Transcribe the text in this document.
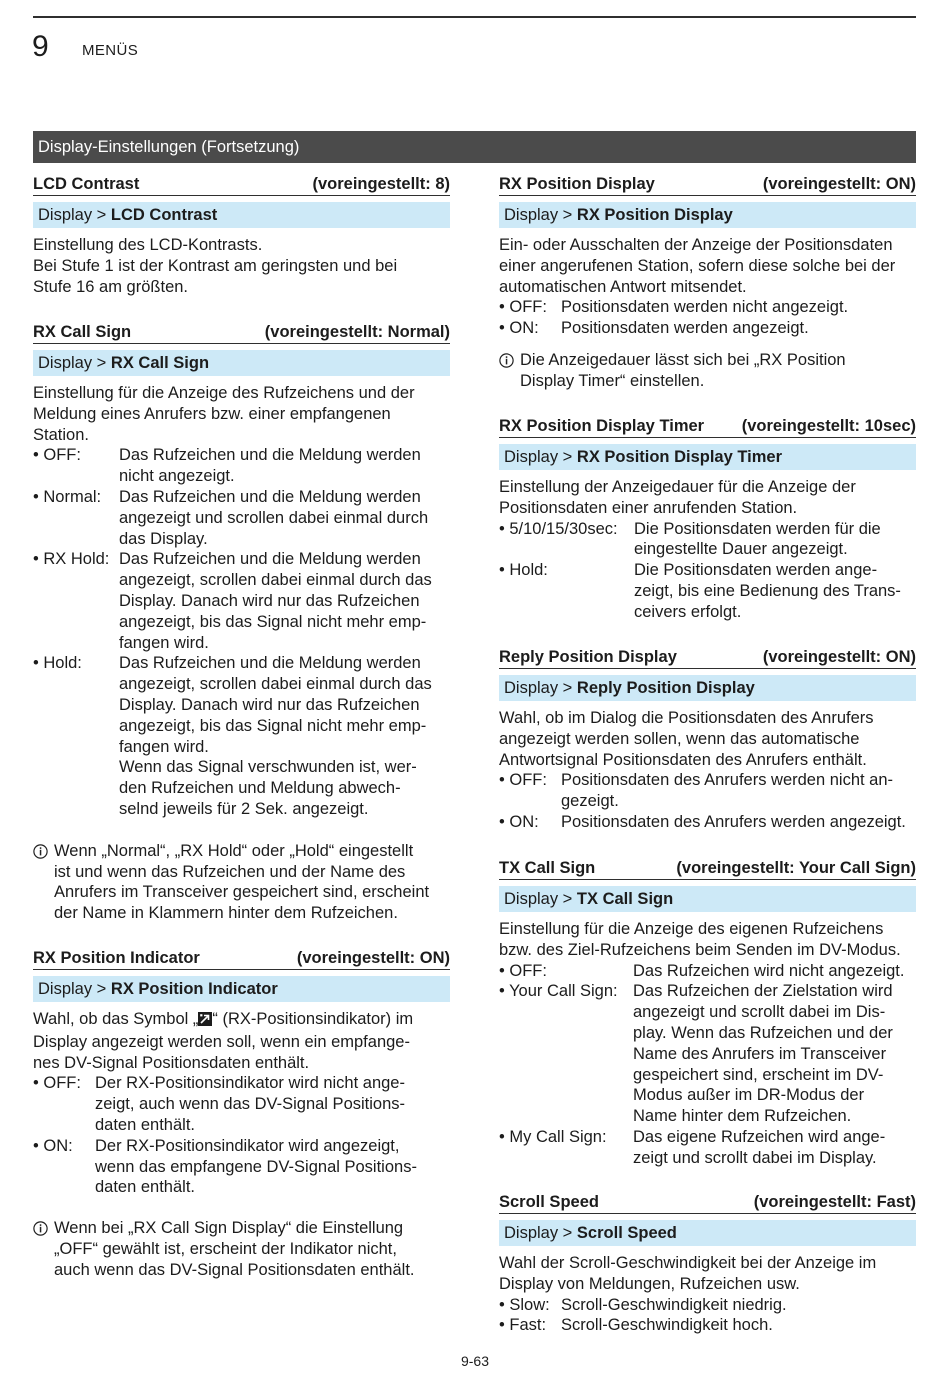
9 MENÜS
Display-Einstellungen (Fortsetzung)
LCD Contrast	(voreingestellt: 8)
Display > LCD Contrast
Einstellung des LCD-Kontrasts.
Bei Stufe 1 ist der Kontrast am geringsten und bei
Stufe 16 am größten.
RX Call Sign	(voreingestellt: Normal)
Display > RX Call Sign
Einstellung für die Anzeige des Rufzeichens und der
Meldung eines Anrufers bzw. einer empfangenen
Station.
• OFF:	Das Rufzeichen und die Meldung werden
nicht angezeigt.
• Normal:	Das Rufzeichen und die Meldung werden
angezeigt und scrollen dabei einmal durch
das Display.
• RX Hold: Das Rufzeichen und die Meldung werden
angezeigt, scrollen dabei einmal durch das
Display. Danach wird nur das Rufzeichen
angezeigt, bis das Signal nicht mehr emp-
fangen wird.
• Hold:	Das Rufzeichen und die Meldung werden
angezeigt, scrollen dabei einmal durch das
Display. Danach wird nur das Rufzeichen
angezeigt, bis das Signal nicht mehr emp-
fangen wird.
Wenn das Signal verschwunden ist, wer-
den Rufzeichen und Meldung abwech-
selnd jeweils für 2 Sek. angezeigt.
Wenn „Normal“, „RX Hold“ oder „Hold“ eingestellt
ist und wenn das Rufzeichen und der Name des
Anrufers im Transceiver gespeichert sind, erscheint
der Name in Klammern hinter dem Rufzeichen.
RX Position Indicator	(voreingestellt: ON)
Display > RX Position Indicator
Wahl, ob das Symbol „ “ (RX-Positionsindikator) im
Display angezeigt werden soll, wenn ein empfange-
nes DV-Signal Positionsdaten enthält.
• OFF: Der RX-Positionsindikator wird nicht ange-
zeigt, auch wenn das DV-Signal Positions-
daten enthält.
• ON:	Der RX-Positionsindikator wird angezeigt,
wenn das empfangene DV-Signal Positions-
daten enthält.
Wenn bei „RX Call Sign Display“ die Einstellung
„OFF“ gewählt ist, erscheint der Indikator nicht,
auch wenn das DV-Signal Positionsdaten enthält.
RX Position Display	(voreingestellt: ON)
Display > RX Position Display
Ein- oder Ausschalten der Anzeige der Positionsdaten
einer angerufenen Station, sofern diese solche bei der
automatischen Antwort mitsendet.
• OFF: Positionsdaten werden nicht angezeigt.
• ON:	Positionsdaten werden angezeigt.
Die Anzeigedauer lässt sich bei „RX Position
Display Timer“ einstellen.
RX Position Display Timer (voreingestellt: 10sec)
Display > RX Position Display Timer
Einstellung der Anzeigedauer für die Anzeige der
Positionsdaten einer anrufenden Station.
• 5/10/15/30sec: Die Positionsdaten werden für die
eingestellte Dauer angezeigt.
• Hold:	Die Positionsdaten werden ange-
zeigt, bis eine Bedienung des Trans-
ceivers erfolgt.
Reply Position Display	(voreingestellt: ON)
Display > Reply Position Display
Wahl, ob im Dialog die Positionsdaten des Anrufers
angezeigt werden sollen, wenn das automatische
Antwortsignal Positionsdaten des Anrufers enthält.
• OFF: Positionsdaten des Anrufers werden nicht an-
gezeigt.
• ON:	Positionsdaten des Anrufers werden angezeigt.
TX Call Sign	(voreingestellt: Your Call Sign)
Display > TX Call Sign
Einstellung für die Anzeige des eigenen Rufzeichens
bzw. des Ziel-Rufzeichens beim Senden im DV-Modus.
• OFF:	Das Rufzeichen wird nicht angezeigt.
• Your Call Sign: Das Rufzeichen der Zielstation wird
angezeigt und scrollt dabei im Dis-
play. Wenn das Rufzeichen und der
Name des Anrufers im Transceiver
gespeichert sind, erscheint im DV-
Modus außer im DR-Modus der
Name hinter dem Rufzeichen.
• My Call Sign:	Das eigene Rufzeichen wird ange-
zeigt und scrollt dabei im Display.
Scroll Speed	(voreingestellt: Fast)
Display > Scroll Speed
Wahl der Scroll-Geschwindigkeit bei der Anzeige im
Display von Meldungen, Rufzeichen usw.
• Slow: Scroll-Geschwindigkeit niedrig.
• Fast: Scroll-Geschwindigkeit hoch.
9-63
